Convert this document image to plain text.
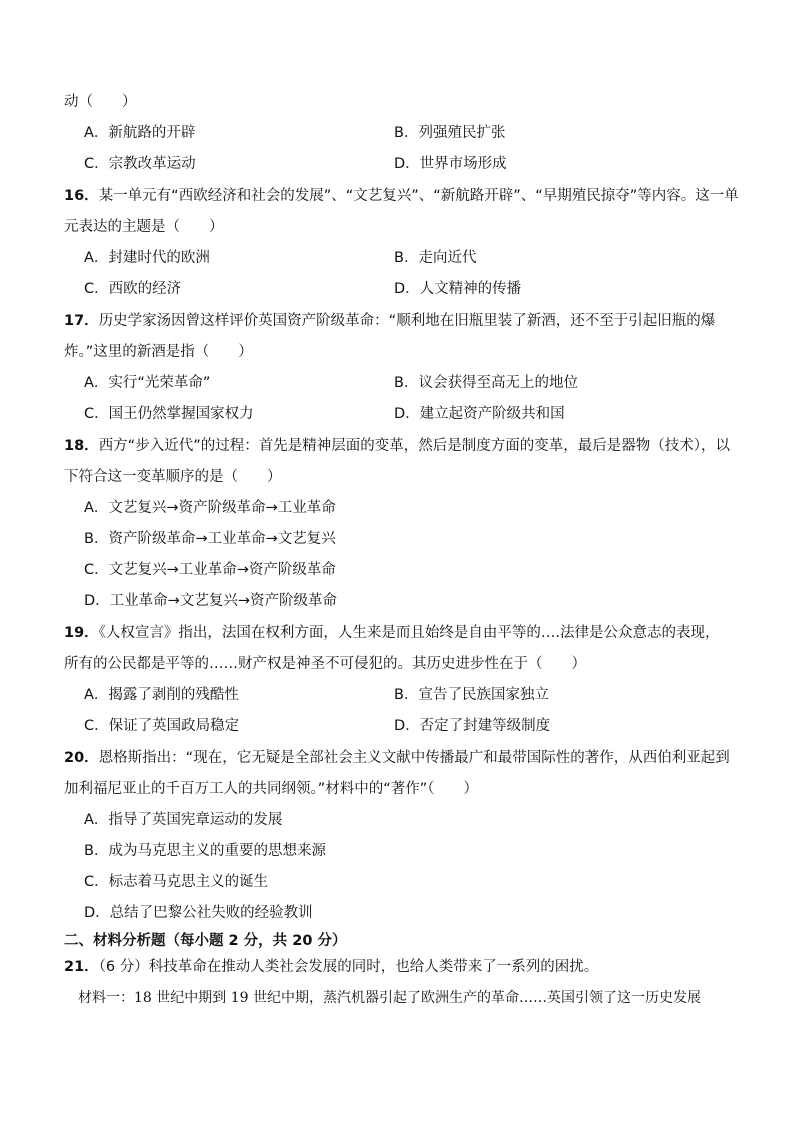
动（　　）
A．新航路的开辟	B．列强殖民扩张
C．宗教改革运动	D．世界市场形成
16．某一单元有“西欧经济和社会的发展”、“文艺复兴”、“新航路开辟”、“早期殖民掠夺”等内容。这一单
元表达的主题是（　　）
A．封建时代的欧洲	B．走向近代
C．西欧的经济	D．人文精神的传播
17．历史学家汤因曾这样评价英国资产阶级革命：“顺利地在旧瓶里装了新酒，还不至于引起旧瓶的爆
炸。”这里的新酒是指（　　）
A．实行“光荣革命”	B．议会获得至高无上的地位
C．国王仍然掌握国家权力	D．建立起资产阶级共和国
18．西方“步入近代”的过程：首先是精神层面的变革，然后是制度方面的变革，最后是器物（技术），以
下符合这一变革顺序的是（　　）
A．文艺复兴→资产阶级革命→工业革命
B．资产阶级革命→工业革命→文艺复兴
C．文艺复兴→工业革命→资产阶级革命
D．工业革命→文艺复兴→资产阶级革命
19．《人权宣言》指出，法国在权利方面，人生来是而且始终是自由平等的….法律是公众意志的表现，
所有的公民都是平等的……财产权是神圣不可侵犯的。其历史进步性在于（　　）
A．揭露了剥削的残酷性	B．宣告了民族国家独立
C．保证了英国政局稳定	D．否定了封建等级制度
20．恩格斯指出：“现在，它无疑是全部社会主义文献中传播最广和最带国际性的著作，从西伯利亚起到
加利福尼亚止的千百万工人的共同纲领。”材料中的“著作”（　　）
A．指导了英国宪章运动的发展
B．成为马克思主义的重要的思想来源
C．标志着马克思主义的诞生
D．总结了巴黎公社失败的经验教训
二、材料分析题（每小题 2 分，共 20 分）
21．（6 分）科技革命在推动人类社会发展的同时，也给人类带来了一系列的困扰。
材料一：18 世纪中期到 19 世纪中期，蒸汽机器引起了欧洲生产的革命……英国引领了这一历史发展
